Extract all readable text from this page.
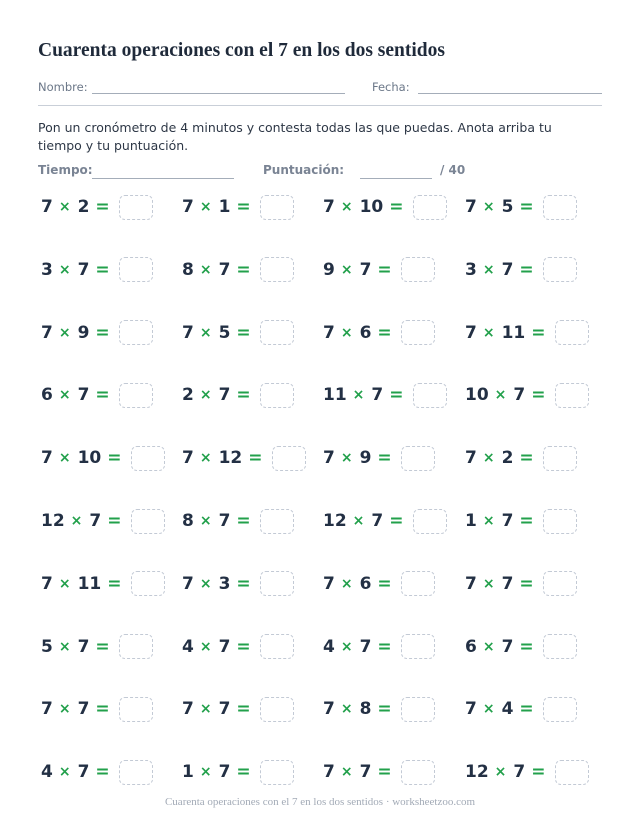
Cuarenta operaciones con el 7 en los dos sentidos
Nombre:	Fecha:
Pon un cronómetro de 4 minutos y contesta todas las que puedas. Anota arriba tu tiempo y tu puntuación.
Tiempo:	Puntuación:	/ 40
7 × 2 =	7 × 1 =	7 × 10 =	7 × 5 =
3 × 7 =	8 × 7 =	9 × 7 =	3 × 7 =
7 × 9 =	7 × 5 =	7 × 6 =	7 × 11 =
6 × 7 =	2 × 7 =	11 × 7 =	10 × 7 =
7 × 10 =	7 × 12 =	7 × 9 =	7 × 2 =
12 × 7 =	8 × 7 =	12 × 7 =	1 × 7 =
7 × 11 =	7 × 3 =	7 × 6 =	7 × 7 =
5 × 7 =	4 × 7 =	4 × 7 =	6 × 7 =
7 × 7 =	7 × 7 =	7 × 8 =	7 × 4 =
4 × 7 =	1 × 7 =	7 × 7 =	12 × 7 =
Cuarenta operaciones con el 7 en los dos sentidos · worksheetzoo.com
